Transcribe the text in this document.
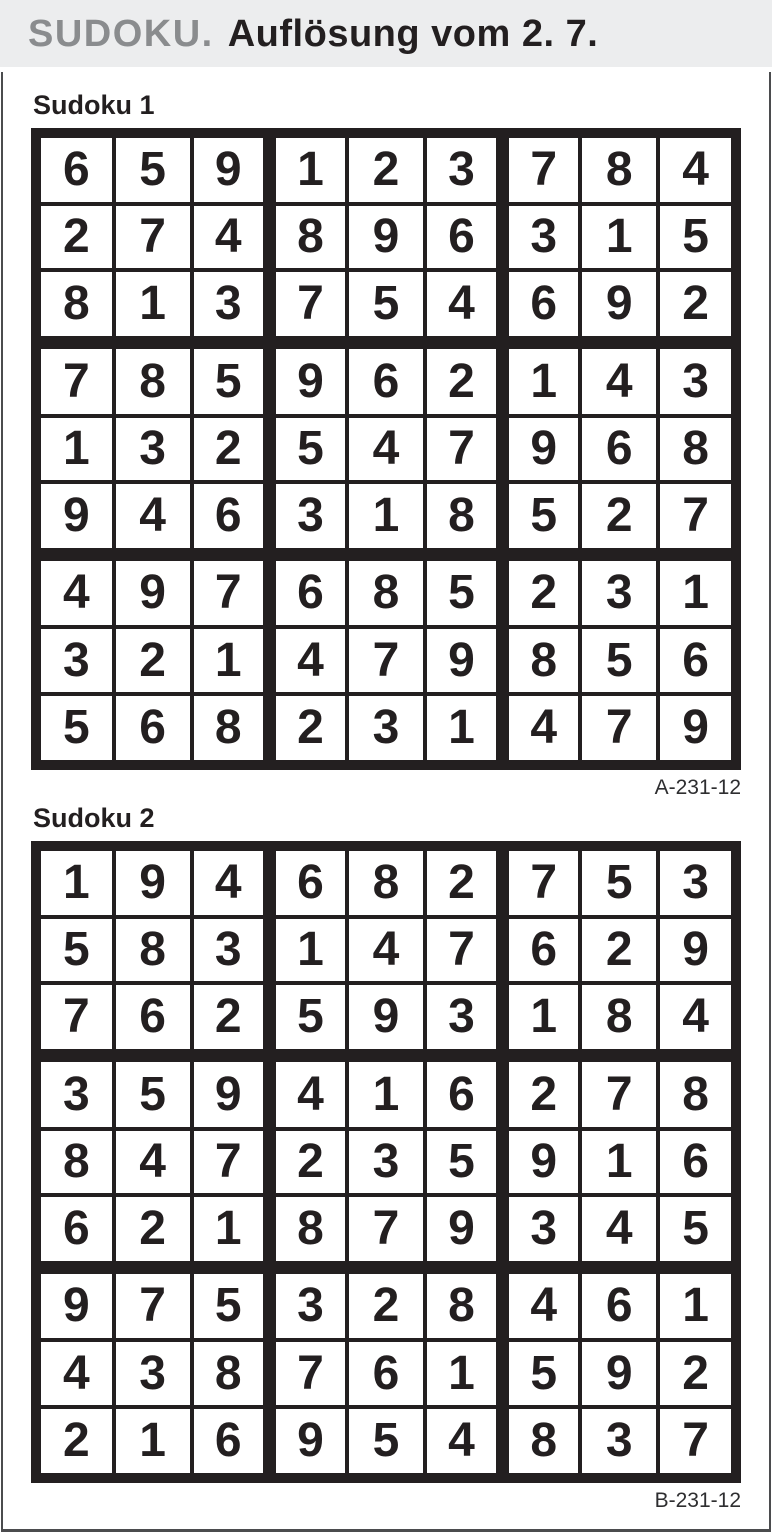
SUDOKU. Auflösung vom 2. 7.
Sudoku 1
6	5	9	1	2	3	7	8	4
2	7	4	8	9	6	3	1	5
8	1	3	7	5	4	6	9	2
7	8	5	9	6	2	1	4	3
1	3	2	5	4	7	9	6	8
9	4	6	3	1	8	5	2	7
4	9	7	6	8	5	2	3	1
3	2	1	4	7	9	8	5	6
5	6	8	2	3	1	4	7	9
A-231-12
Sudoku 2
1	9	4	6	8	2	7	5	3
5	8	3	1	4	7	6	2	9
7	6	2	5	9	3	1	8	4
3	5	9	4	1	6	2	7	8
8	4	7	2	3	5	9	1	6
6	2	1	8	7	9	3	4	5
9	7	5	3	2	8	4	6	1
4	3	8	7	6	1	5	9	2
2	1	6	9	5	4	8	3	7
B-231-12
